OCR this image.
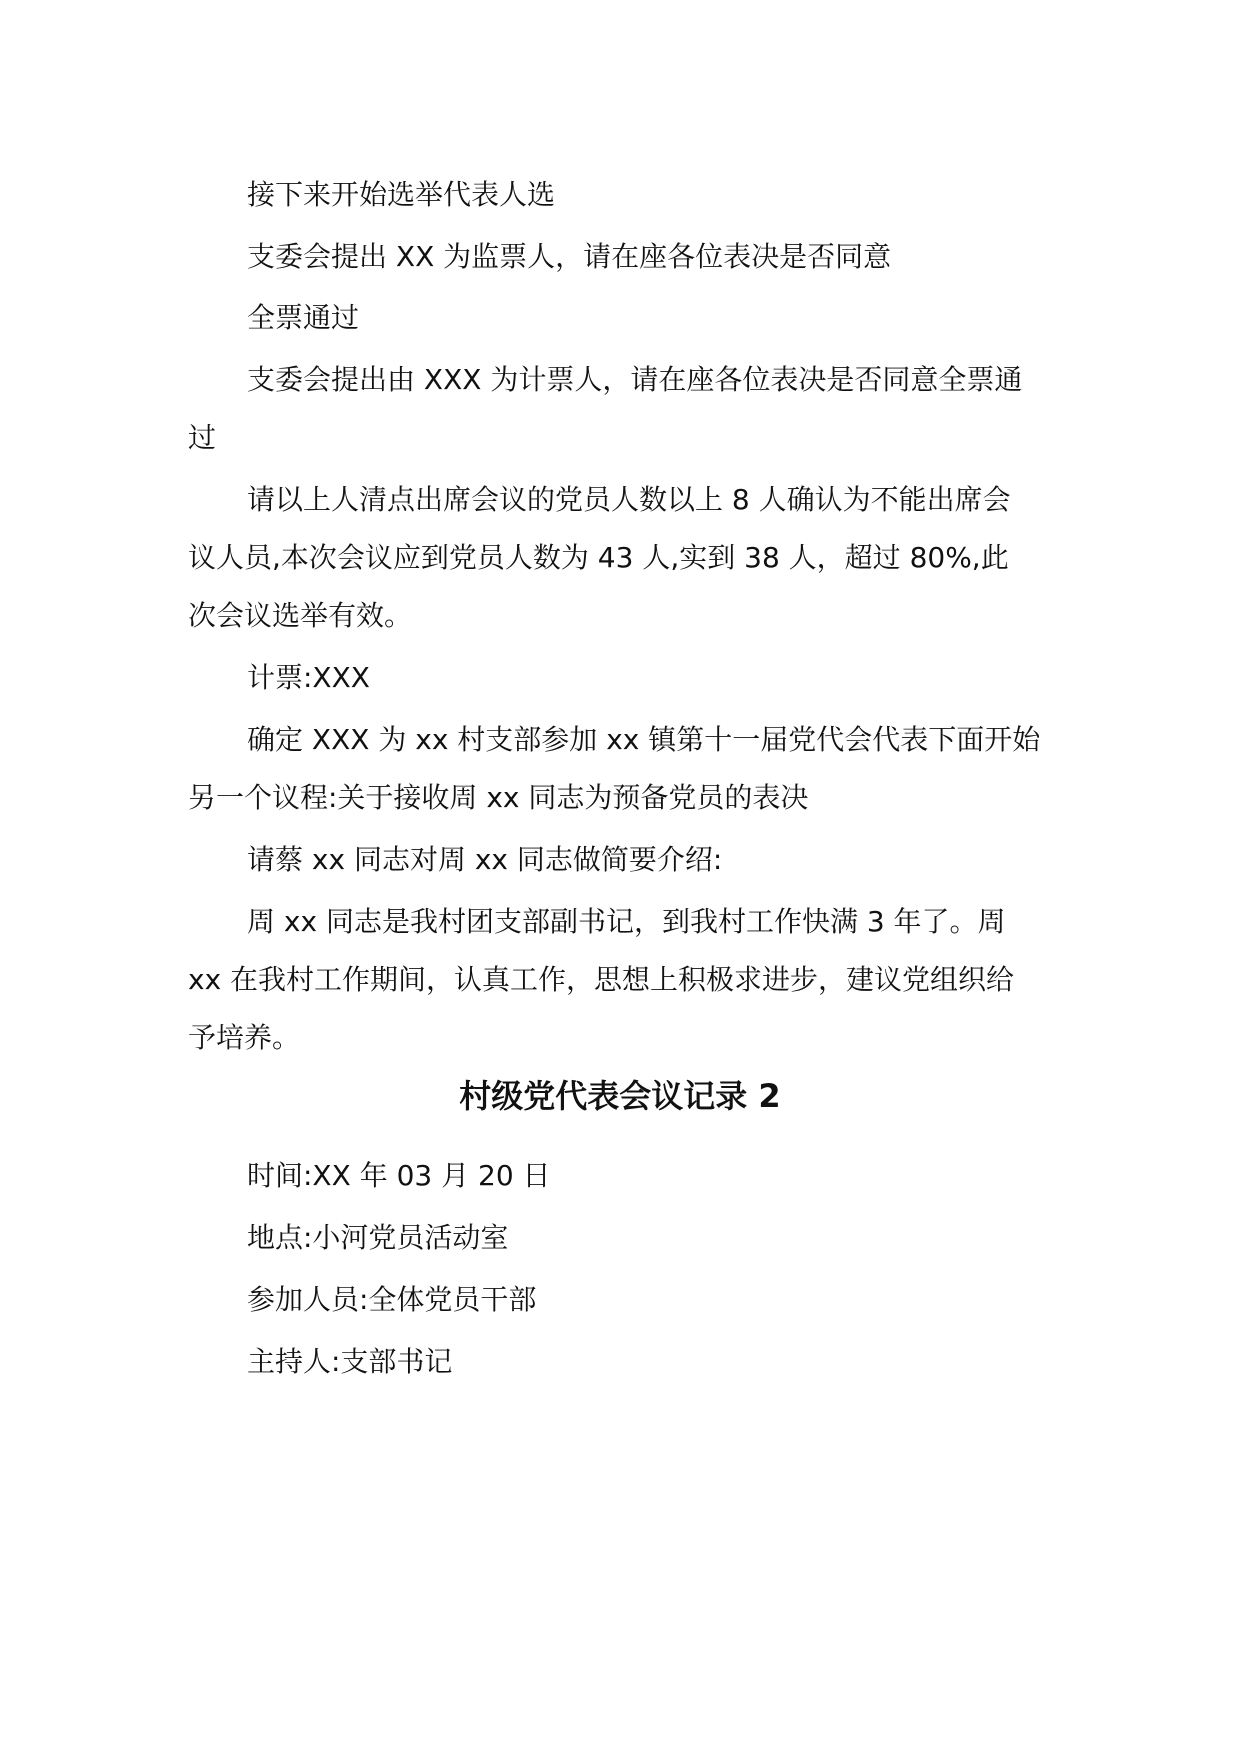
接下来开始选举代表人选
支委会提出 XX 为监票人，请在座各位表决是否同意
全票通过
支委会提出由 XXX 为计票人，请在座各位表决是否同意全票通
过
请以上人清点出席会议的党员人数以上 8 人确认为不能出席会
议人员,本次会议应到党员人数为 43 人,实到 38 人，超过 80%,此
次会议选举有效。
计票:XXX
确定 XXX 为 xx 村支部参加 xx 镇第十一届党代会代表下面开始
另一个议程:关于接收周 xx 同志为预备党员的表决
请蔡 xx 同志对周 xx 同志做简要介绍:
周 xx 同志是我村团支部副书记，到我村工作快满 3 年了。周
xx 在我村工作期间，认真工作，思想上积极求进步，建议党组织给
予培养。
村级党代表会议记录 2
时间:XX 年 03 月 20 日
地点:小河党员活动室
参加人员:全体党员干部
主持人:支部书记
